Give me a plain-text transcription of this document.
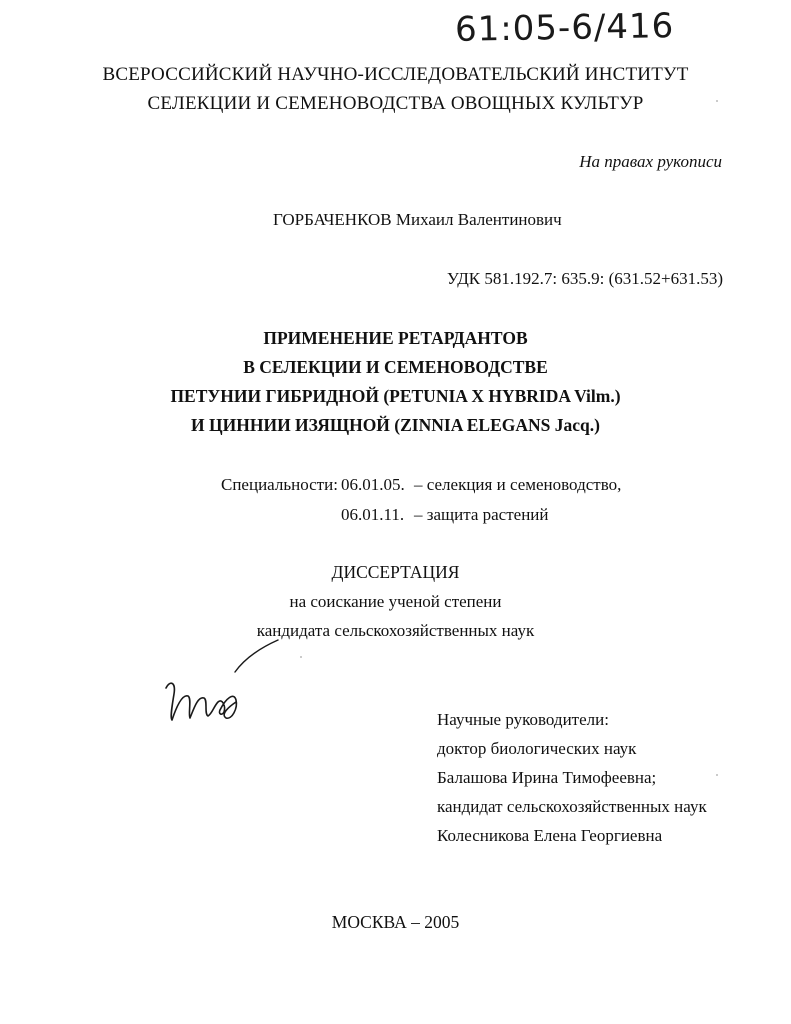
61:05-6/416
ВСЕРОССИЙСКИЙ НАУЧНО-ИССЛЕДОВАТЕЛЬСКИЙ ИНСТИТУТ
СЕЛЕКЦИИ И СЕМЕНОВОДСТВА ОВОЩНЫХ КУЛЬТУР
На правах рукописи
ГОРБАЧЕНКОВ Михаил Валентинович
УДК 581.192.7: 635.9: (631.52+631.53)
ПРИМЕНЕНИЕ РЕТАРДАНТОВ
В СЕЛЕКЦИИ И СЕМЕНОВОДСТВЕ
ПЕТУНИИ ГИБРИДНОЙ (PETUNIA X HYBRIDA Vilm.)
И ЦИННИИ ИЗЯЩНОЙ (ZINNIA ELEGANS Jacq.)
Специальности: 06.01.05. – селекция и семеноводство,
06.01.11. – защита растений
ДИССЕРТАЦИЯ
на соискание ученой степени
кандидата сельскохозяйственных наук
Научные руководители:
доктор биологических наук
Балашова Ирина Тимофеевна;
кандидат сельскохозяйственных наук
Колесникова Елена Георгиевна
МОСКВА – 2005
